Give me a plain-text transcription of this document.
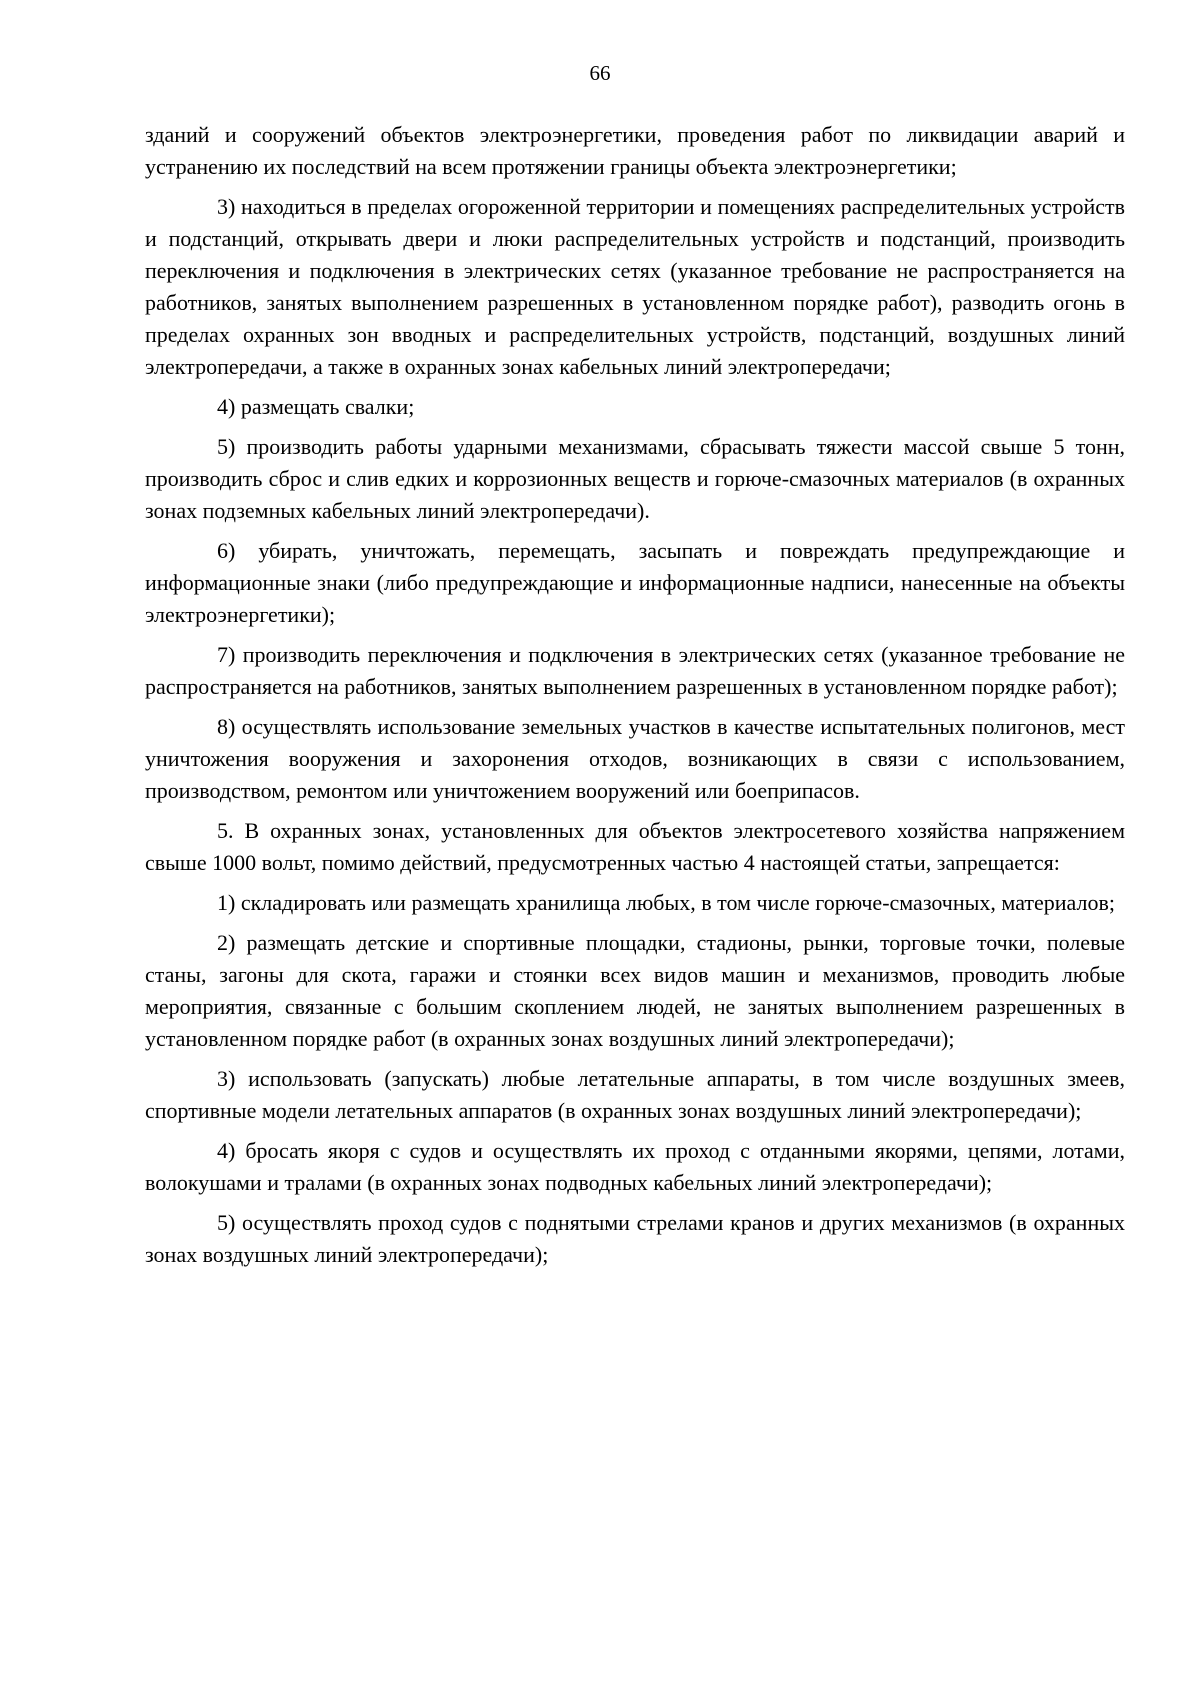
66

зданий и сооружений объектов электроэнергетики, проведения работ по ликвидации аварий и устранению их последствий на всем протяжении границы объекта электроэнергетики;

3) находиться в пределах огороженной территории и помещениях распределительных устройств и подстанций, открывать двери и люки распределительных устройств и подстанций, производить переключения и подключения в электрических сетях (указанное требование не распространяется на работников, занятых выполнением разрешенных в установленном порядке работ), разводить огонь в пределах охранных зон вводных и распределительных устройств, подстанций, воздушных линий электропередачи, а также в охранных зонах кабельных линий электропередачи;

4) размещать свалки;

5) производить работы ударными механизмами, сбрасывать тяжести массой свыше 5 тонн, производить сброс и слив едких и коррозионных веществ и горюче-смазочных материалов (в охранных зонах подземных кабельных линий электропередачи).

6) убирать, уничтожать, перемещать, засыпать и повреждать предупреждающие и информационные знаки (либо предупреждающие и информационные надписи, нанесенные на объекты электроэнергетики);

7) производить переключения и подключения в электрических сетях (указанное требование не распространяется на работников, занятых выполнением разрешенных в установленном порядке работ);

8) осуществлять использование земельных участков в качестве испытательных полигонов, мест уничтожения вооружения и захоронения отходов, возникающих в связи с использованием, производством, ремонтом или уничтожением вооружений или боеприпасов.

5. В охранных зонах, установленных для объектов электросетевого хозяйства напряжением свыше 1000 вольт, помимо действий, предусмотренных частью 4 настоящей статьи, запрещается:

1) складировать или размещать хранилища любых, в том числе горюче-смазочных, материалов;

2) размещать детские и спортивные площадки, стадионы, рынки, торговые точки, полевые станы, загоны для скота, гаражи и стоянки всех видов машин и механизмов, проводить любые мероприятия, связанные с большим скоплением людей, не занятых выполнением разрешенных в установленном порядке работ (в охранных зонах воздушных линий электропередачи);

3) использовать (запускать) любые летательные аппараты, в том числе воздушных змеев, спортивные модели летательных аппаратов (в охранных зонах воздушных линий электропередачи);

4) бросать якоря с судов и осуществлять их проход с отданными якорями, цепями, лотами, волокушами и тралами (в охранных зонах подводных кабельных линий электропередачи);

5) осуществлять проход судов с поднятыми стрелами кранов и других механизмов (в охранных зонах воздушных линий электропередачи);
